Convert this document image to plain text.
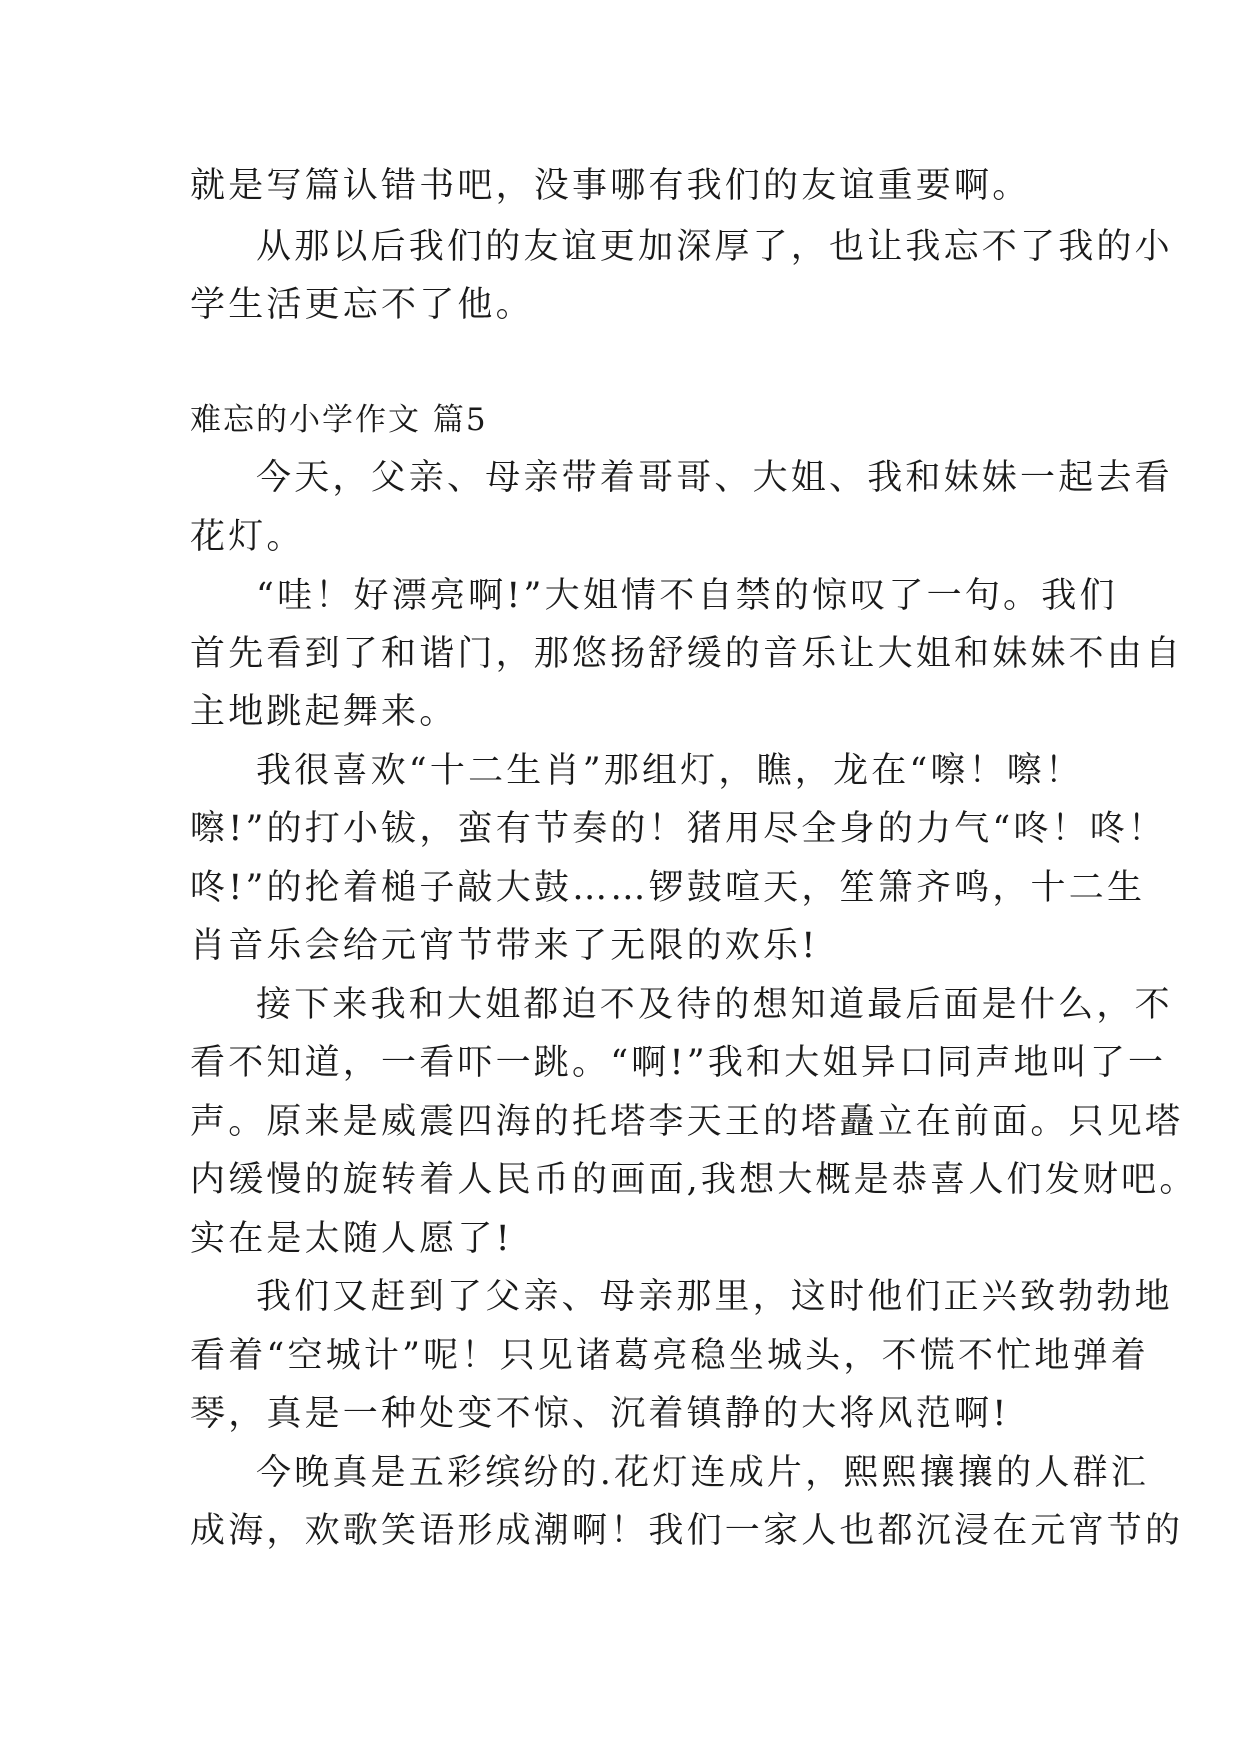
就是写篇认错书吧，没事哪有我们的友谊重要啊。
从那以后我们的友谊更加深厚了，也让我忘不了我的小
学生活更忘不了他。
难忘的小学作文 篇5
今天，父亲、母亲带着哥哥、大姐、我和妹妹一起去看
花灯。
“哇！好漂亮啊!”大姐情不自禁的惊叹了一句。我们
首先看到了和谐门，那悠扬舒缓的音乐让大姐和妹妹不由自
主地跳起舞来。
我很喜欢“十二生肖”那组灯，瞧，龙在“嚓！嚓！
嚓!”的打小钹，蛮有节奏的！猪用尽全身的力气“咚！咚！
咚!”的抡着槌子敲大鼓……锣鼓喧天，笙箫齐鸣，十二生
肖音乐会给元宵节带来了无限的欢乐!
接下来我和大姐都迫不及待的想知道最后面是什么，不
看不知道，一看吓一跳。“啊!”我和大姐异口同声地叫了一
声。原来是威震四海的托塔李天王的塔矗立在前面。只见塔
内缓慢的旋转着人民币的画面,我想大概是恭喜人们发财吧。
实在是太随人愿了!
我们又赶到了父亲、母亲那里，这时他们正兴致勃勃地
看着“空城计”呢！只见诸葛亮稳坐城头，不慌不忙地弹着
琴，真是一种处变不惊、沉着镇静的大将风范啊!
今晚真是五彩缤纷的.花灯连成片，熙熙攘攘的人群汇
成海，欢歌笑语形成潮啊！我们一家人也都沉浸在元宵节的
